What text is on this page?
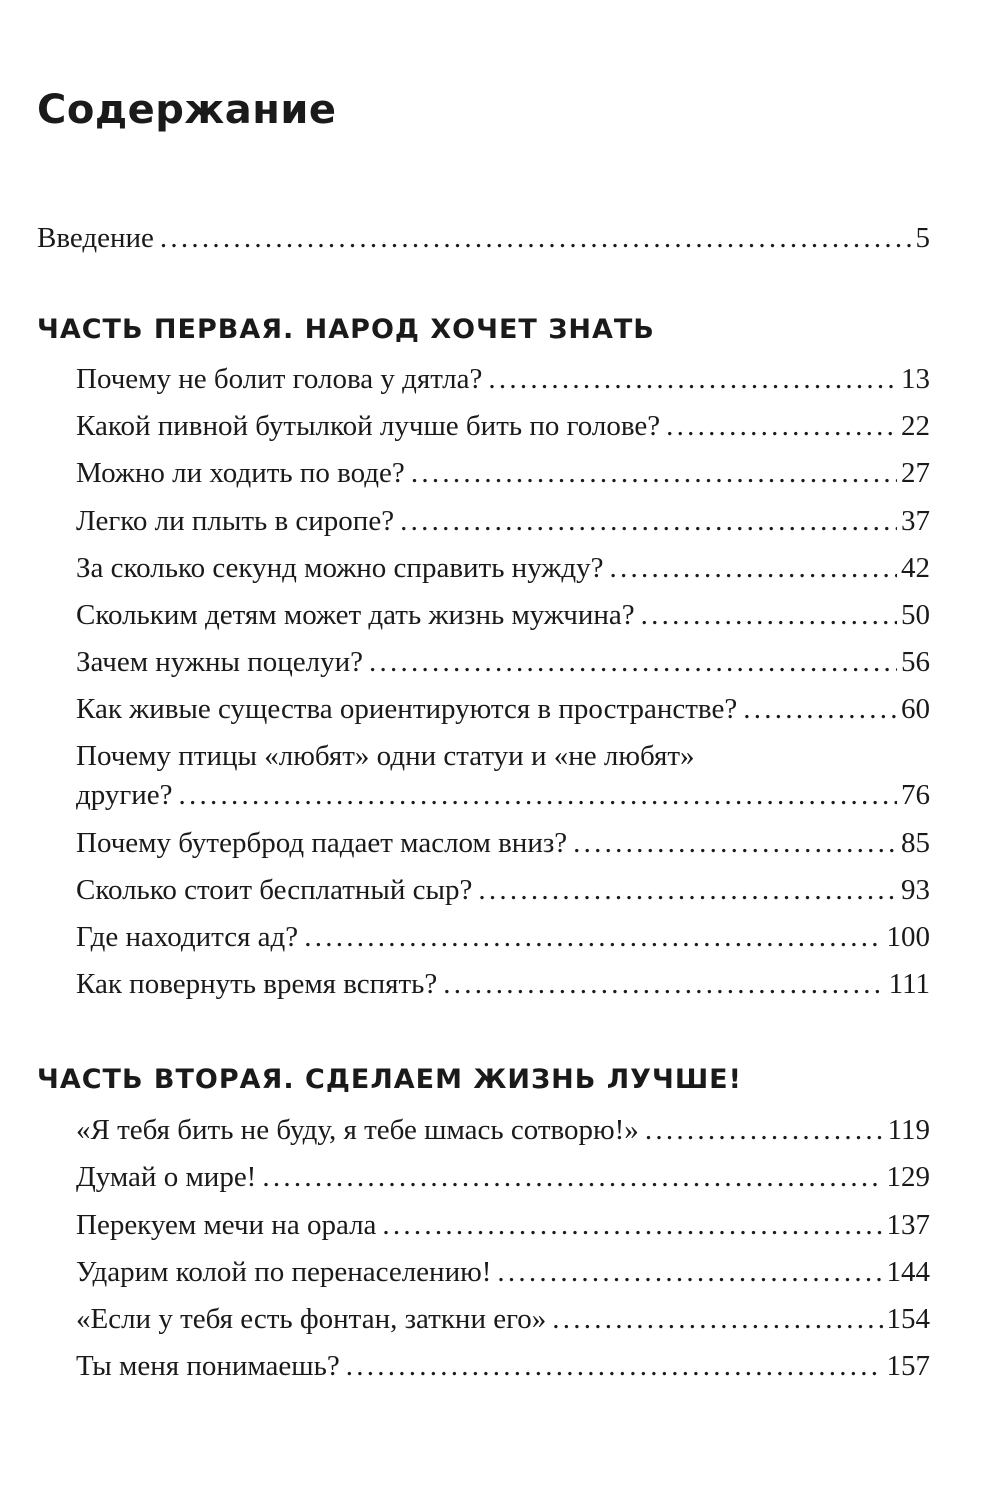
Содержание
Введение . . .	5
ЧАСТЬ ПЕРВАЯ. НАРОД ХОЧЕТ ЗНАТЬ
Почему не болит голова у дятла? . . .	13
Какой пивной бутылкой лучше бить по голове? . . .	22
Можно ли ходить по воде? . . .	27
Легко ли плыть в сиропе? . . .	37
За сколько секунд можно справить нужду? . . .	42
Скольким детям может дать жизнь мужчина? . . .	50
Зачем нужны поцелуи? . . .	56
Как живые существа ориентируются в пространстве? . . .	60
Почему птицы «любят» одни статуи и «не любят»
другие? . . .	76
Почему бутерброд падает маслом вниз? . . .	85
Сколько стоит бесплатный сыр? . . .	93
Где находится ад? . . .	100
Как повернуть время вспять? . . .	111
ЧАСТЬ ВТОРАЯ. СДЕЛАЕМ ЖИЗНЬ ЛУЧШЕ!
«Я тебя бить не буду, я тебе шмась сотворю!» . . .	119
Думай о мире! . . .	129
Перекуем мечи на орала . . .	137
Ударим колой по перенаселению! . . .	144
«Если у тебя есть фонтан, заткни его» . . .	154
Ты меня понимаешь? . . .	157
